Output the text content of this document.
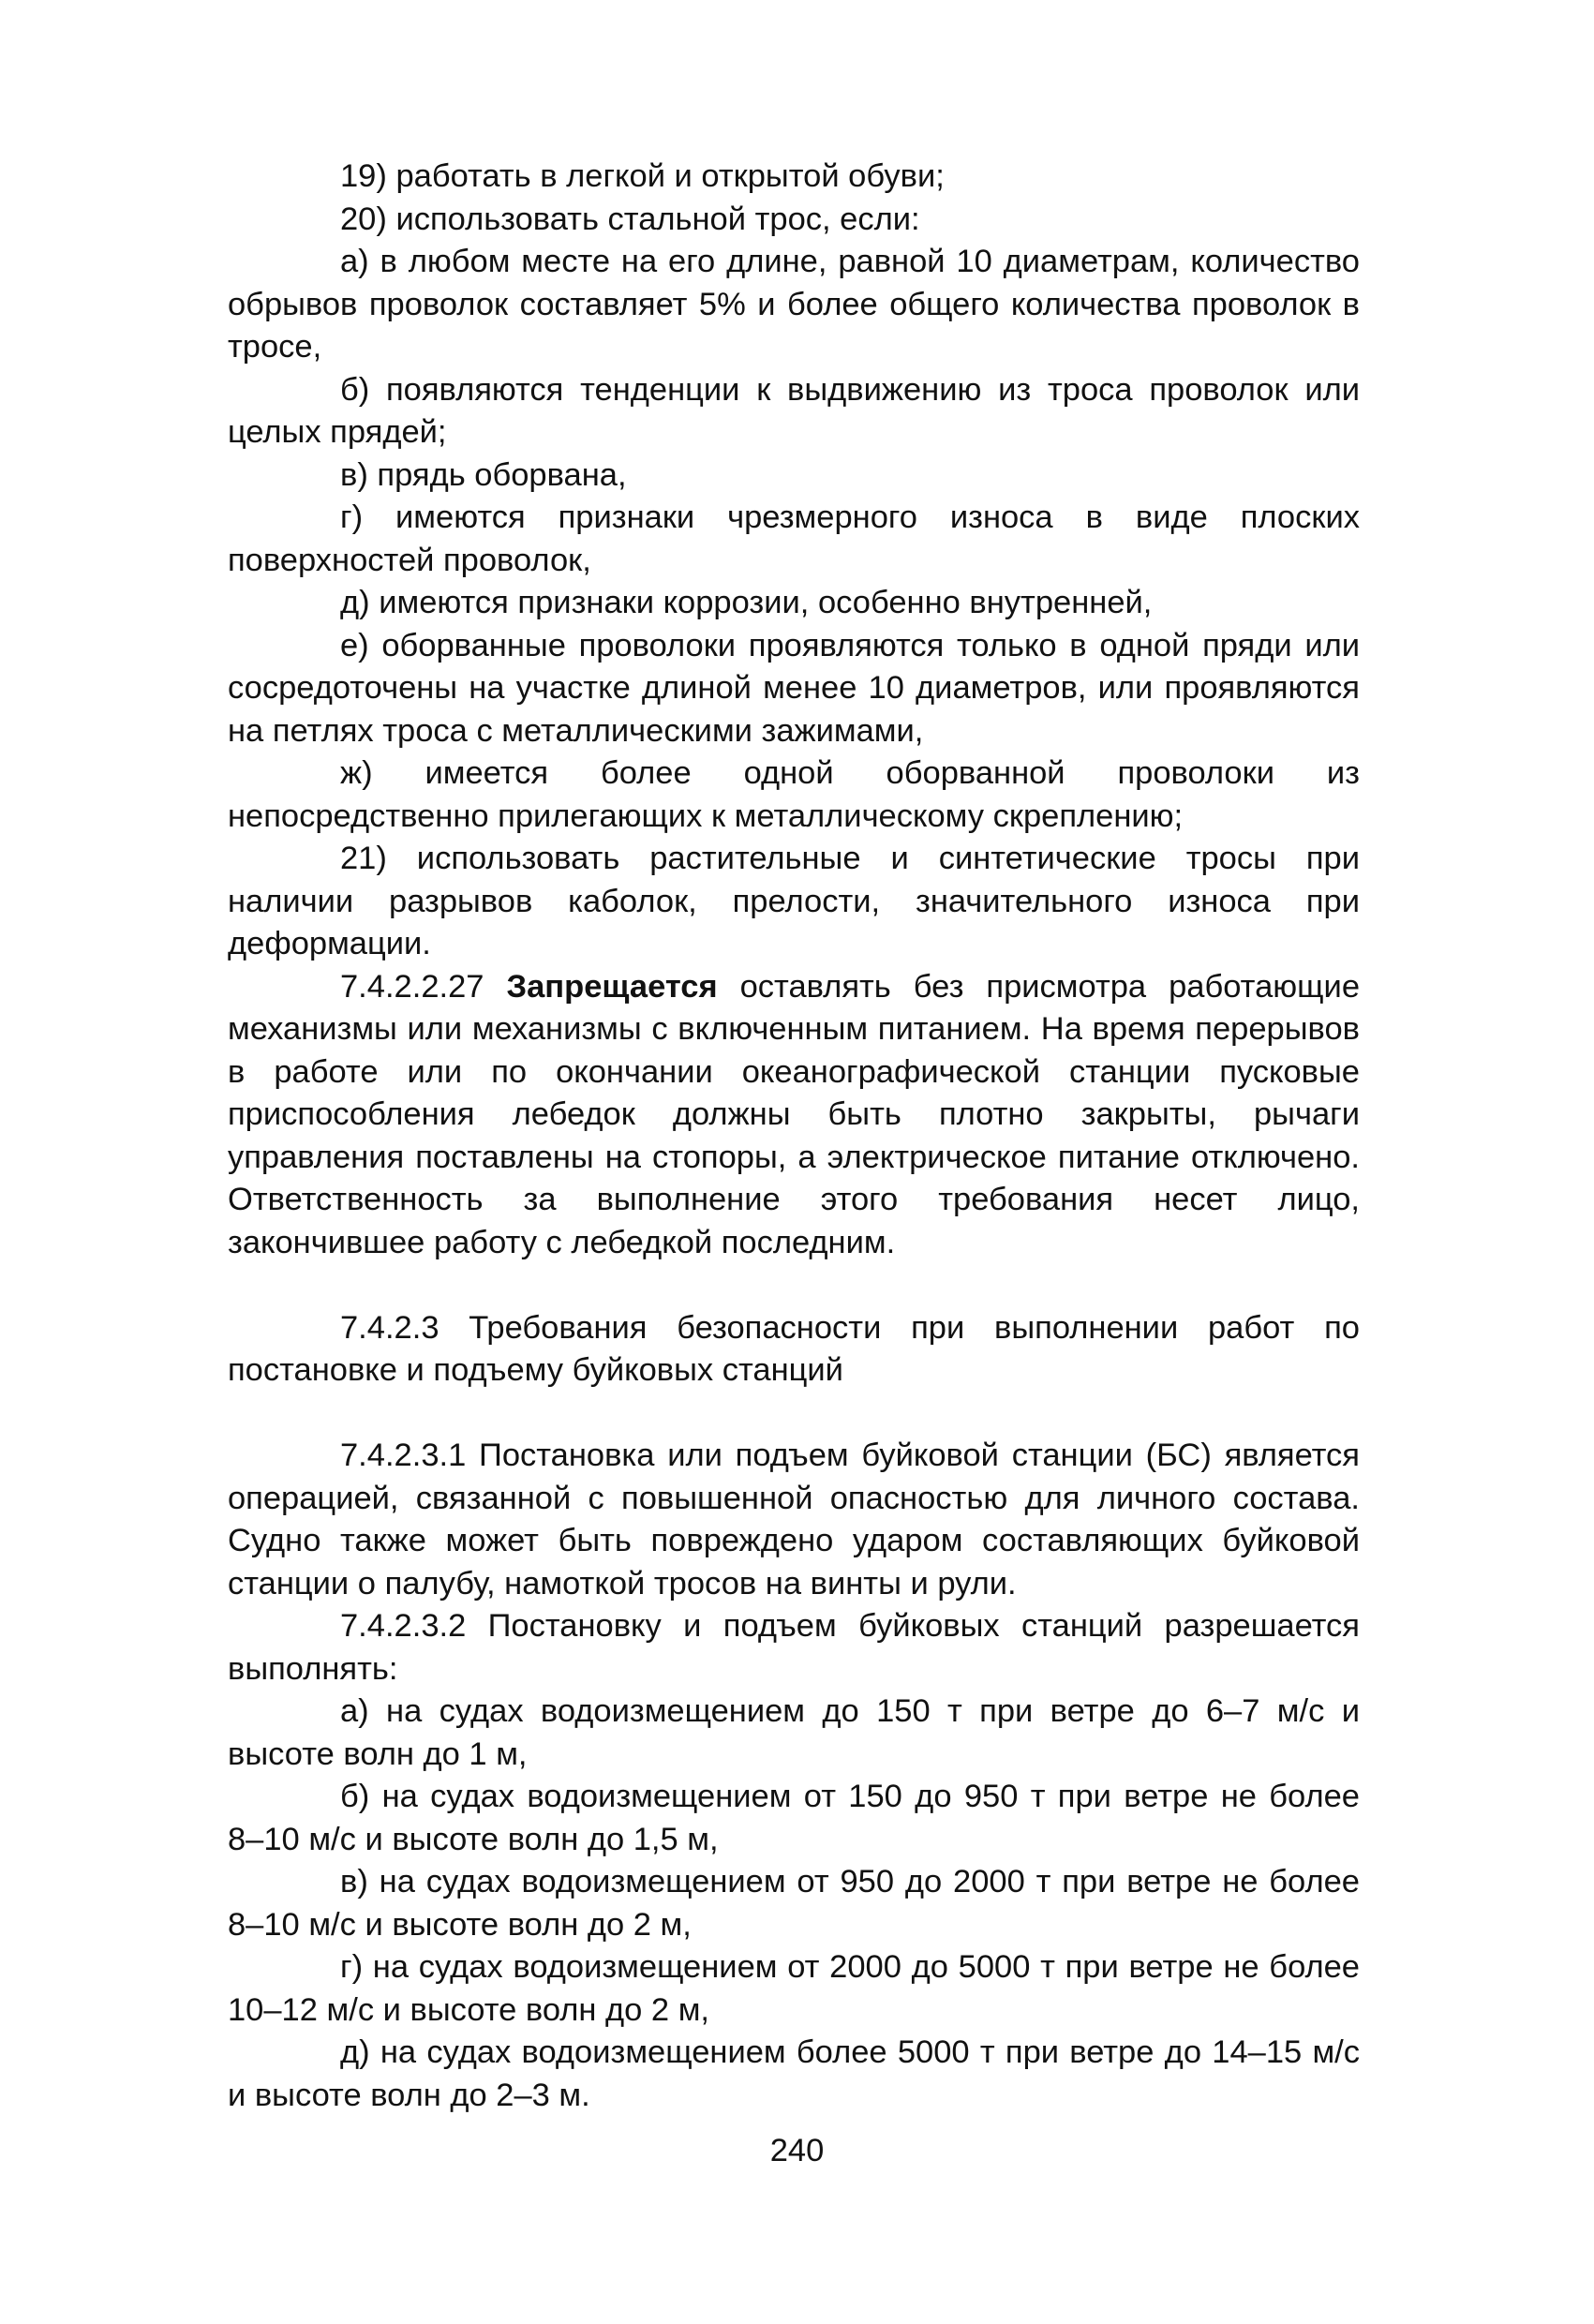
19) работать в легкой и открытой обуви;

20) использовать стальной трос, если:

а) в любом месте на его длине, равной 10 диаметрам, количество обрывов проволок составляет 5% и более общего количества проволок в тросе,

б) появляются тенденции к выдвижению из троса проволок или целых прядей;

в) прядь оборвана,

г) имеются признаки чрезмерного износа в виде плоских поверхностей проволок,

д) имеются признаки коррозии, особенно внутренней,

е) оборванные проволоки проявляются только в одной пряди или сосредоточены на участке длиной менее 10 диаметров, или проявляются на петлях троса с металлическими зажимами,

ж) имеется более одной оборванной проволоки из непосредственно прилегающих к металлическому скреплению;

21) использовать растительные и синтетические тросы при наличии разрывов каболок, прелости, значительного износа при деформации.

7.4.2.2.27 Запрещается оставлять без присмотра работающие механизмы или механизмы с включенным питанием. На время перерывов в работе или по окончании океанографической станции пусковые приспособления лебедок должны быть плотно закрыты, рычаги управления поставлены на стопоры, а электрическое питание отключено. Ответственность за выполнение этого требования несет лицо, закончившее работу с лебедкой последним.

7.4.2.3 Требования безопасности при выполнении работ по постановке и подъему буйковых станций

7.4.2.3.1 Постановка или подъем буйковой станции (БС) является операцией, связанной с повышенной опасностью для личного состава. Судно также может быть повреждено ударом составляющих буйковой станции о палубу, намоткой тросов на винты и рули.

7.4.2.3.2 Постановку и подъем буйковых станций разрешается выполнять:

а) на судах водоизмещением до 150 т при ветре до 6–7 м/с и высоте волн до 1 м,

б) на судах водоизмещением от 150 до 950 т при ветре не более 8–10 м/с и высоте волн до 1,5 м,

в) на судах водоизмещением от 950 до 2000 т при ветре не более 8–10 м/с и высоте волн до 2 м,

г) на судах водоизмещением от 2000 до 5000 т при ветре не более 10–12 м/с и высоте волн до 2 м,

д) на судах водоизмещением более 5000 т при ветре до 14–15 м/с и высоте волн до 2–3 м.

240
